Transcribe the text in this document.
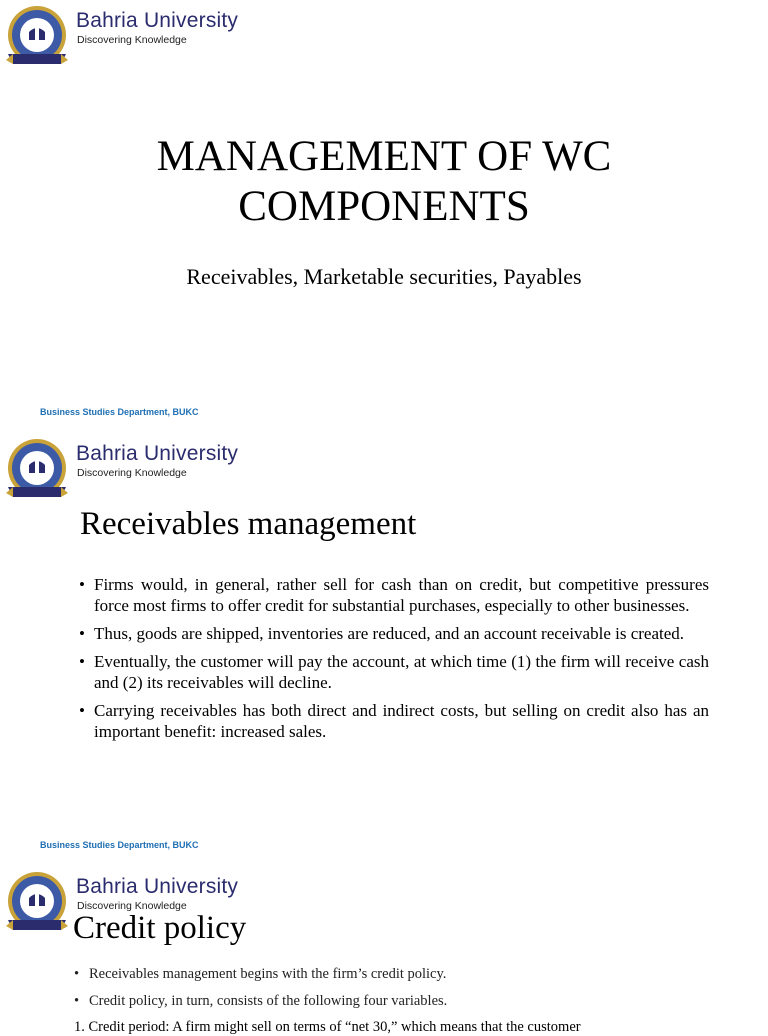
Bahria University
Discovering Knowledge
MANAGEMENT OF WC
COMPONENTS
Receivables, Marketable securities, Payables
Business Studies Department, BUKC
Bahria University
Discovering Knowledge
Receivables management
• Firms would, in general, rather sell for cash than on credit, but competitive pressures force most firms to offer credit for substantial purchases, especially to other businesses.
• Thus, goods are shipped, inventories are reduced, and an account receivable is created.
• Eventually, the customer will pay the account, at which time (1) the firm will receive cash and (2) its receivables will decline.
• Carrying receivables has both direct and indirect costs, but selling on credit also has an important benefit: increased sales.
Business Studies Department, BUKC
Bahria University
Discovering Knowledge
Credit policy
• Receivables management begins with the firm’s credit policy.
• Credit policy, in turn, consists of the following four variables.
1. Credit period: A firm might sell on terms of “net 30,” which means that the customer
